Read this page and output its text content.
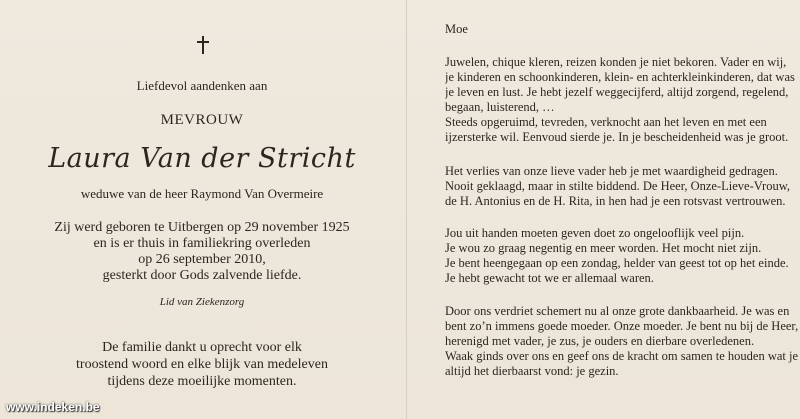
Liefdevol aandenken aan
MEVROUW
Laura Van der Stricht
weduwe van de heer Raymond Van Overmeire
Zij werd geboren te Uitbergen op 29 november 1925
en is er thuis in familiekring overleden
op 26 september 2010,
gesterkt door Gods zalvende liefde.
Lid van Ziekenzorg
De familie dankt u oprecht voor elk
troostend woord en elke blijk van medeleven
tijdens deze moeilijke momenten.
Moe
Juwelen, chique kleren, reizen konden je niet bekoren. Vader en wij,
je kinderen en schoonkinderen, klein- en achterkleinkinderen, dat was
je leven en lust. Je hebt jezelf weggecijferd, altijd zorgend, regelend,
begaan, luisterend, …
Steeds opgeruimd, tevreden, verknocht aan het leven en met een
ijzersterke wil. Eenvoud sierde je. In je bescheidenheid was je groot.
Het verlies van onze lieve vader heb je met waardigheid gedragen.
Nooit geklaagd, maar in stilte biddend. De Heer, Onze-Lieve-Vrouw,
de H. Antonius en de H. Rita, in hen had je een rotsvast vertrouwen.
Jou uit handen moeten geven doet zo ongelooflijk veel pijn.
Je wou zo graag negentig en meer worden. Het mocht niet zijn.
Je bent heengegaan op een zondag, helder van geest tot op het einde.
Je hebt gewacht tot we er allemaal waren.
Door ons verdriet schemert nu al onze grote dankbaarheid. Je was en
bent zo’n immens goede moeder. Onze moeder. Je bent nu bij de Heer,
herenigd met vader, je zus, je ouders en dierbare overledenen.
Waak ginds over ons en geef ons de kracht om samen te houden wat je
altijd het dierbaarst vond: je gezin.
www.indeken.be
